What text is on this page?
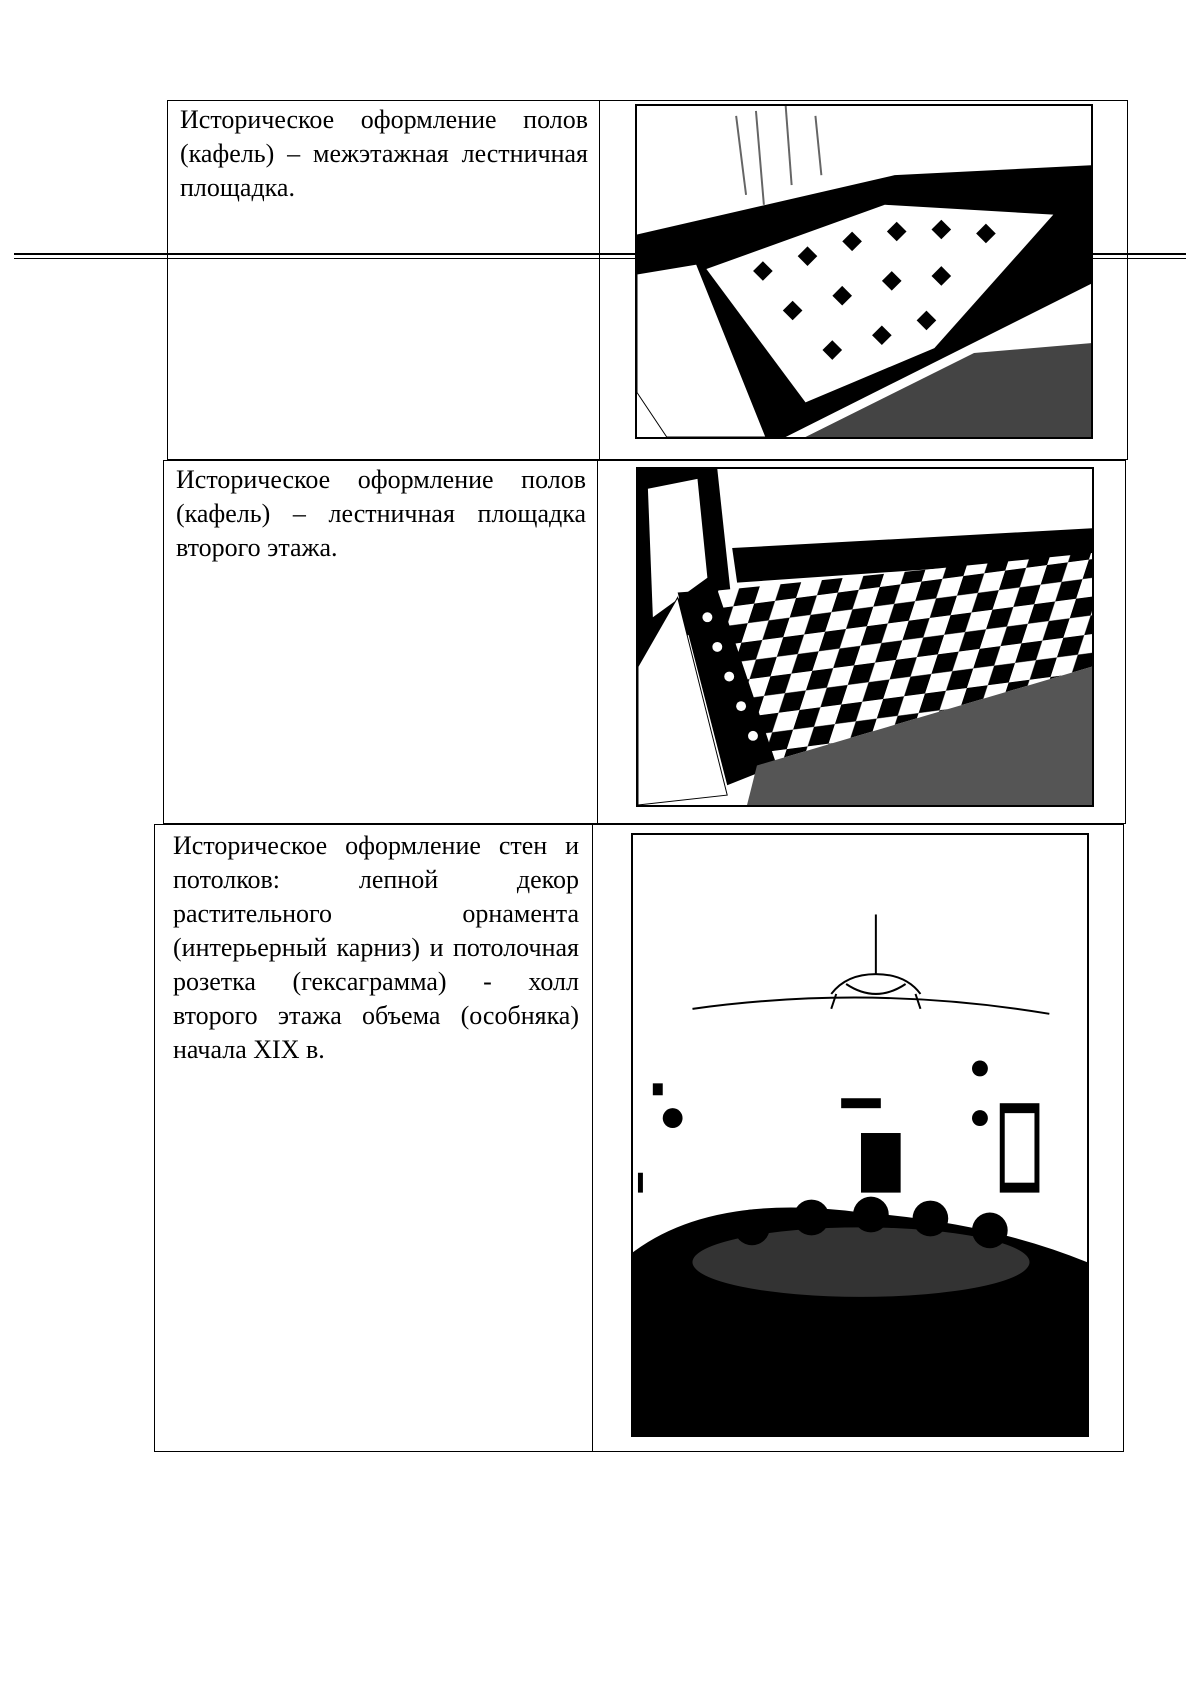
Историческое оформление полов (кафель) – межэтажная лестничная площадка.
Историческое оформление полов (кафель) – лестничная площадка второго этажа.
Историческое оформление стен и потолков: лепной декор растительного орнамента (интерьерный карниз) и потолочная розетка (гексаграмма) - холл второго этажа объема (особняка) начала XIX в.
